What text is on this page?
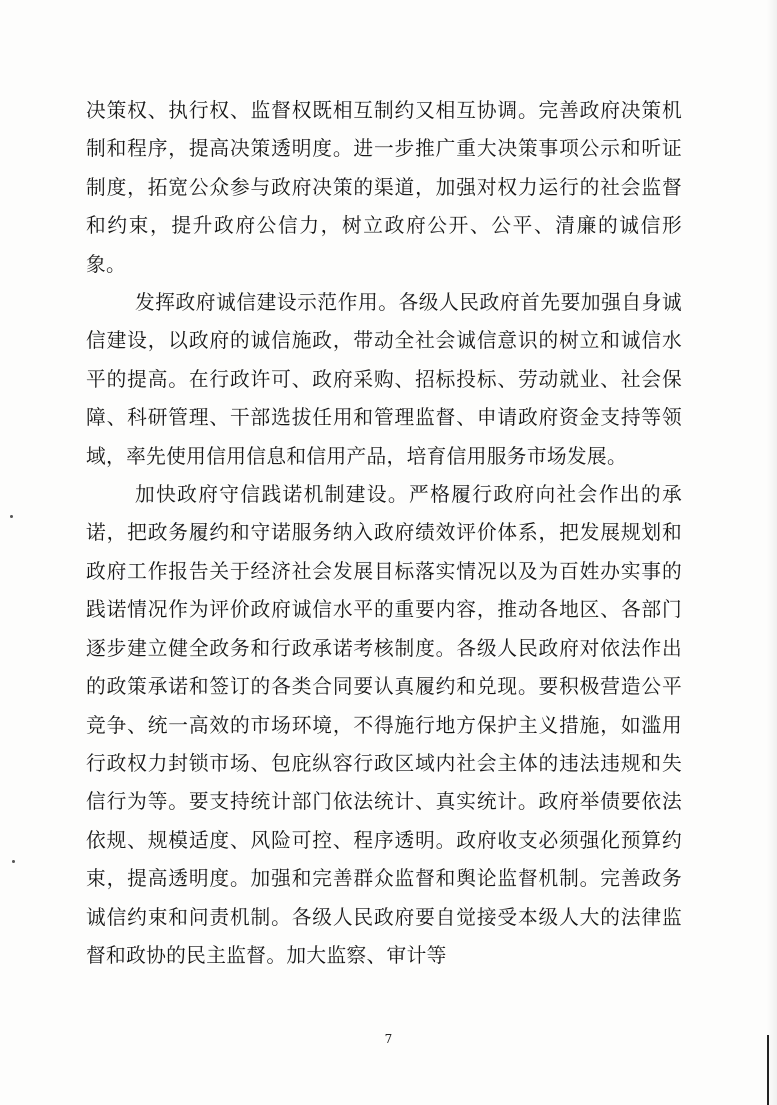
决策权、执行权、监督权既相互制约又相互协调。完善政府决策机制和程序，提高决策透明度。进一步推广重大决策事项公示和听证制度，拓宽公众参与政府决策的渠道，加强对权力运行的社会监督和约束，提升政府公信力，树立政府公开、公平、清廉的诚信形象。

发挥政府诚信建设示范作用。各级人民政府首先要加强自身诚信建设，以政府的诚信施政，带动全社会诚信意识的树立和诚信水平的提高。在行政许可、政府采购、招标投标、劳动就业、社会保障、科研管理、干部选拔任用和管理监督、申请政府资金支持等领域，率先使用信用信息和信用产品，培育信用服务市场发展。

加快政府守信践诺机制建设。严格履行政府向社会作出的承诺，把政务履约和守诺服务纳入政府绩效评价体系，把发展规划和政府工作报告关于经济社会发展目标落实情况以及为百姓办实事的践诺情况作为评价政府诚信水平的重要内容，推动各地区、各部门逐步建立健全政务和行政承诺考核制度。各级人民政府对依法作出的政策承诺和签订的各类合同要认真履约和兑现。要积极营造公平竞争、统一高效的市场环境，不得施行地方保护主义措施，如滥用行政权力封锁市场、包庇纵容行政区域内社会主体的违法违规和失信行为等。要支持统计部门依法统计、真实统计。政府举债要依法依规、规模适度、风险可控、程序透明。政府收支必须强化预算约束，提高透明度。加强和完善群众监督和舆论监督机制。完善政务诚信约束和问责机制。各级人民政府要自觉接受本级人大的法律监督和政协的民主监督。加大监察、审计等

7
